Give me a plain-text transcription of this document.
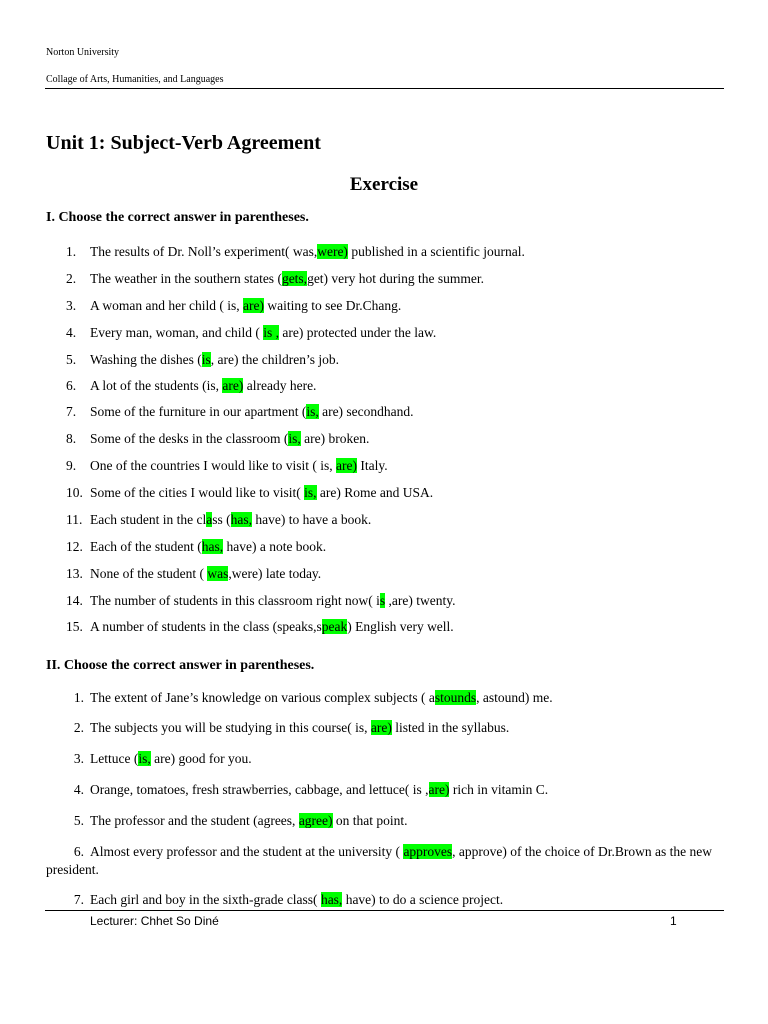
Norton University
Collage of Arts, Humanities, and Languages
Unit 1: Subject-Verb Agreement
Exercise
I. Choose the correct answer in parentheses.
1. The results of Dr. Noll’s experiment( was,were) published in a scientific journal.
2. The weather in the southern states (gets,get) very hot during the summer.
3. A woman and her child ( is, are) waiting to see Dr.Chang.
4. Every man, woman, and child ( is , are) protected under the law.
5. Washing the dishes (is, are) the children’s job.
6. A lot of the students (is, are) already here.
7. Some of the furniture in our apartment (is, are) secondhand.
8. Some of the desks in the classroom (is, are) broken.
9. One of the countries I would like to visit ( is, are) Italy.
10. Some of the cities I would like to visit( is, are) Rome and USA.
11. Each student in the class (has, have) to have a book.
12. Each of the student (has, have) a note book.
13. None of the student ( was,were) late today.
14. The number of students in this classroom right now( is ,are) twenty.
15. A number of students in the class (speaks,speak) English very well.
II. Choose the correct answer in parentheses.
1. The extent of Jane’s knowledge on various complex subjects ( astounds, astound) me.
2. The subjects you will be studying in this course( is, are) listed in the syllabus.
3. Lettuce (is, are) good for you.
4. Orange, tomatoes, fresh strawberries, cabbage, and lettuce( is ,are) rich in vitamin C.
5. The professor and the student (agrees, agree) on that point.
6. Almost every professor and the student at the university ( approves, approve) of the choice of Dr.Brown as the new president.
7. Each girl and boy in the sixth-grade class( has, have) to do a science project.
Lecturer: Chhet So Diné	1
